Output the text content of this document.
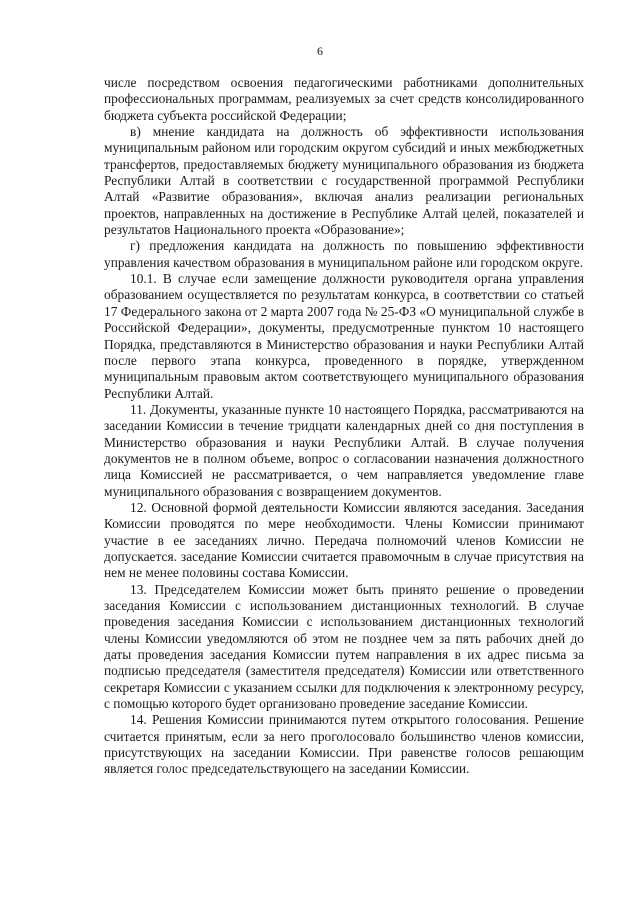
6

числе посредством освоения педагогическими работниками дополнительных профессиональных программам, реализуемых за счет средств консолидированного бюджета субъекта российской Федерации;

в) мнение кандидата на должность об эффективности использования муниципальным районом или городским округом субсидий и иных межбюджетных трансфертов, предоставляемых бюджету муниципального образования из бюджета Республики Алтай в соответствии с государственной программой Республики Алтай «Развитие образования», включая анализ реализации региональных проектов, направленных на достижение в Республике Алтай целей, показателей и результатов Национального проекта «Образование»;

г) предложения кандидата на должность по повышению эффективности управления качеством образования в муниципальном районе или городском округе.

10.1. В случае если замещение должности руководителя органа управления образованием осуществляется по результатам конкурса, в соответствии со статьей 17 Федерального закона от 2 марта 2007 года № 25-ФЗ «О муниципальной службе в Российской Федерации», документы, предусмотренные пунктом 10 настоящего Порядка, представляются в Министерство образования и науки Республики Алтай после первого этапа конкурса, проведенного в порядке, утвержденном муниципальным правовым актом соответствующего муниципального образования Республики Алтай.

11. Документы, указанные пункте 10 настоящего Порядка, рассматриваются на заседании Комиссии в течение тридцати календарных дней со дня поступления в Министерство образования и науки Республики Алтай. В случае получения документов не в полном объеме, вопрос о согласовании назначения должностного лица Комиссией не рассматривается, о чем направляется уведомление главе муниципального образования с возвращением документов.

12. Основной формой деятельности Комиссии являются заседания. Заседания Комиссии проводятся по мере необходимости. Члены Комиссии принимают участие в ее заседаниях лично. Передача полномочий членов Комиссии не допускается. заседание Комиссии считается правомочным в случае присутствия на нем не менее половины состава Комиссии.

13. Председателем Комиссии может быть принято решение о проведении заседания Комиссии с использованием дистанционных технологий. В случае проведения заседания Комиссии с использованием дистанционных технологий члены Комиссии уведомляются об этом не позднее чем за пять рабочих дней до даты проведения заседания Комиссии путем направления в их адрес письма за подписью председателя (заместителя председателя) Комиссии или ответственного секретаря Комиссии с указанием ссылки для подключения к электронному ресурсу, с помощью которого будет организовано проведение заседание Комиссии.

14. Решения Комиссии принимаются путем открытого голосования. Решение считается принятым, если за него проголосовало большинство членов комиссии, присутствующих на заседании Комиссии. При равенстве голосов решающим является голос председательствующего на заседании Комиссии.
